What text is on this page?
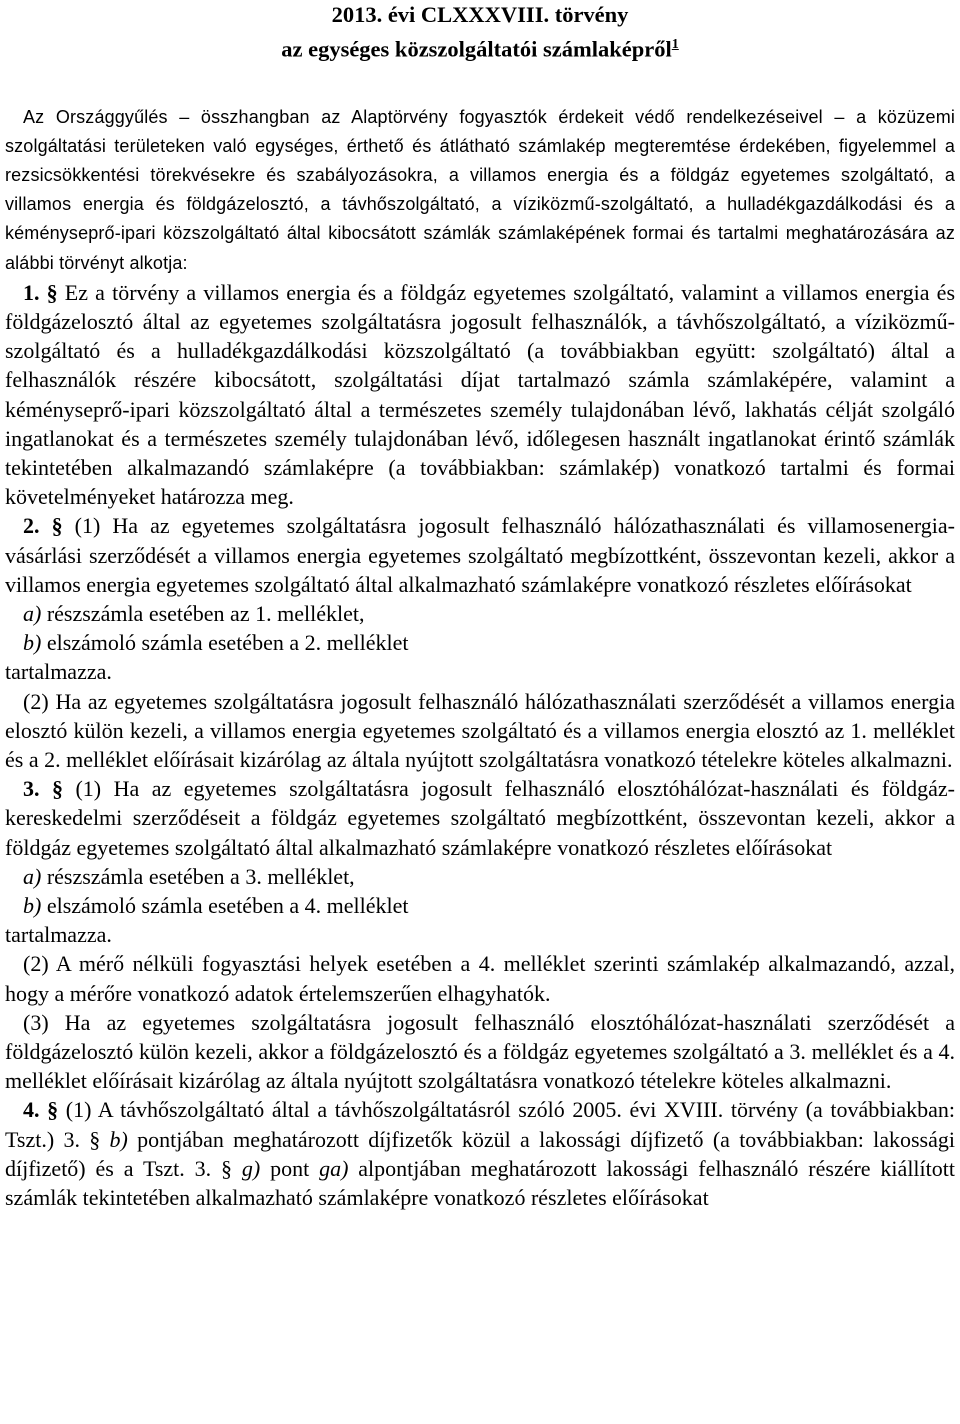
2013. évi CLXXXVIII. törvény
az egységes közszolgáltatói számlaképről$^1$
Az Országgyűlés – összhangban az Alaptörvény fogyasztók érdekeit védő rendelkezéseivel – a közüzemi szolgáltatási területeken való egységes, érthető és átlátható számlakép megteremtése érdekében, figyelemmel a rezsicsökkentési törekvésekre és szabályozásokra, a villamos energia és a földgáz egyetemes szolgáltató, a villamos energia és földgázelosztó, a távhőszolgáltató, a víziközmű-szolgáltató, a hulladékgazdálkodási és a kéményseprő-ipari közszolgáltató által kibocsátott számlák számlaképének formai és tartalmi meghatározására az alábbi törvényt alkotja:
1. § Ez a törvény a villamos energia és a földgáz egyetemes szolgáltató, valamint a villamos energia és földgázelosztó által az egyetemes szolgáltatásra jogosult felhasználók, a távhőszolgáltató, a víziközmű-szolgáltató és a hulladékgazdálkodási közszolgáltató (a továbbiakban együtt: szolgáltató) által a felhasználók részére kibocsátott, szolgáltatási díjat tartalmazó számla számlaképére, valamint a kéményseprő-ipari közszolgáltató által a természetes személy tulajdonában lévő, lakhatás célját szolgáló ingatlanokat és a természetes személy tulajdonában lévő, időlegesen használt ingatlanokat érintő számlák tekintetében alkalmazandó számlaképre (a továbbiakban: számlakép) vonatkozó tartalmi és formai követelményeket határozza meg.
2. § (1) Ha az egyetemes szolgáltatásra jogosult felhasználó hálózathasználati és villamosenergia-vásárlási szerződését a villamos energia egyetemes szolgáltató megbízottként, összevontan kezeli, akkor a villamos energia egyetemes szolgáltató által alkalmazható számlaképre vonatkozó részletes előírásokat
a) részszámla esetében az 1. melléklet,
b) elszámoló számla esetében a 2. melléklet
tartalmazza.
(2) Ha az egyetemes szolgáltatásra jogosult felhasználó hálózathasználati szerződését a villamos energia elosztó külön kezeli, a villamos energia egyetemes szolgáltató és a villamos energia elosztó az 1. melléklet és a 2. melléklet előírásait kizárólag az általa nyújtott szolgáltatásra vonatkozó tételekre köteles alkalmazni.
3. § (1) Ha az egyetemes szolgáltatásra jogosult felhasználó elosztóhálózat-használati és földgáz-kereskedelmi szerződéseit a földgáz egyetemes szolgáltató megbízottként, összevontan kezeli, akkor a földgáz egyetemes szolgáltató által alkalmazható számlaképre vonatkozó részletes előírásokat
a) részszámla esetében a 3. melléklet,
b) elszámoló számla esetében a 4. melléklet
tartalmazza.
(2) A mérő nélküli fogyasztási helyek esetében a 4. melléklet szerinti számlakép alkalmazandó, azzal, hogy a mérőre vonatkozó adatok értelemszerűen elhagyhatók.
(3) Ha az egyetemes szolgáltatásra jogosult felhasználó elosztóhálózat-használati szerződését a földgázelosztó külön kezeli, akkor a földgázelosztó és a földgáz egyetemes szolgáltató a 3. melléklet és a 4. melléklet előírásait kizárólag az általa nyújtott szolgáltatásra vonatkozó tételekre köteles alkalmazni.
4. § (1) A távhőszolgáltató által a távhőszolgáltatásról szóló 2005. évi XVIII. törvény (a továbbiakban: Tszt.) 3. § b) pontjában meghatározott díjfizetők közül a lakossági díjfizető (a továbbiakban: lakossági díjfizető) és a Tszt. 3. § g) pont ga) alpontjában meghatározott lakossági felhasználó részére kiállított számlák tekintetében alkalmazható számlaképre vonatkozó részletes előírásokat
